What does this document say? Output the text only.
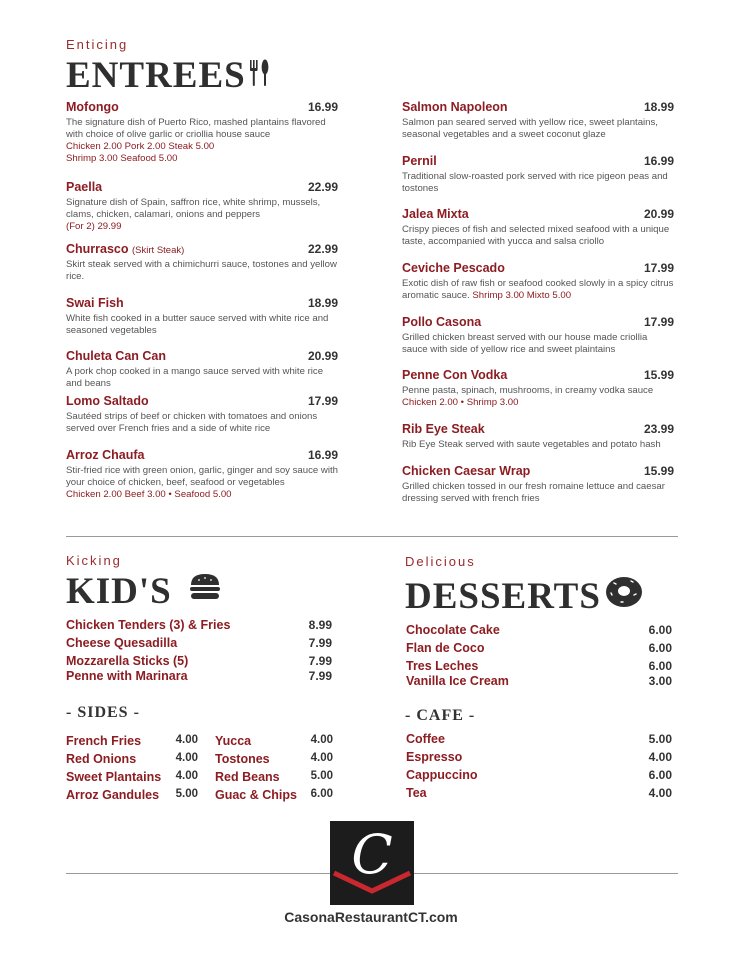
Enticing
ENTREES
Mofongo	16.99
The signature dish of Puerto Rico, mashed plantains flavored with choice of olive garlic or criollia house sauce
Chicken 2.00 Pork 2.00 Steak 5.00
Shrimp 3.00 Seafood 5.00
Paella	22.99
Signature dish of Spain, saffron rice, white shrimp, mussels, clams, chicken, calamari, onions and peppers
(For 2) 29.99
Churrasco (Skirt Steak)	22.99
Skirt steak served with a chimichurri sauce, tostones and yellow rice.
Swai Fish	18.99
White fish cooked in a butter sauce served with white rice and seasoned vegetables
Chuleta Can Can	20.99
A pork chop cooked in a mango sauce served with white rice and beans
Lomo Saltado	17.99
Sautéed strips of beef or chicken with tomatoes and onions served over French fries and a side of white rice
Arroz Chaufa	16.99
Stir-fried rice with green onion, garlic, ginger and soy sauce with your choice of chicken, beef, seafood or vegetables
Chicken 2.00 Beef 3.00 • Seafood 5.00
Salmon Napoleon	18.99
Salmon pan seared served with yellow rice, sweet plantains, seasonal vegetables and a sweet coconut glaze
Pernil	16.99
Traditional slow-roasted pork served with rice pigeon peas and tostones
Jalea Mixta	20.99
Crispy pieces of fish and selected mixed seafood with a unique taste, accompanied with yucca and salsa criollo
Ceviche Pescado	17.99
Exotic dish of raw fish or seafood cooked slowly in a spicy citrus aromatic sauce. Shrimp 3.00 Mixto 5.00
Pollo Casona	17.99
Grilled chicken breast served with our house made criollia sauce with side of yellow rice and sweet plaintains
Penne Con Vodka	15.99
Penne pasta, spinach, mushrooms, in creamy vodka sauce
Chicken 2.00 • Shrimp 3.00
Rib Eye Steak	23.99
Rib Eye Steak served with saute vegetables and potato hash
Chicken Caesar Wrap	15.99
Grilled chicken tossed in our fresh romaine lettuce and caesar dressing served with french fries
Kicking
KID'S
Chicken Tenders (3) & Fries	8.99
Cheese Quesadilla	7.99
Mozzarella Sticks (5)	7.99
Penne with Marinara	7.99
- SIDES -
French Fries	4.00
Red Onions	4.00
Sweet Plantains	4.00
Arroz Gandules	5.00
Yucca	4.00
Tostones	4.00
Red Beans	5.00
Guac & Chips	6.00
Delicious
DESSERTS
Chocolate Cake	6.00
Flan de Coco	6.00
Tres Leches	6.00
Vanilla Ice Cream	3.00
- CAFE -
Coffee	5.00
Espresso	4.00
Cappuccino	6.00
Tea	4.00
C
CasonaRestaurantCT.com
